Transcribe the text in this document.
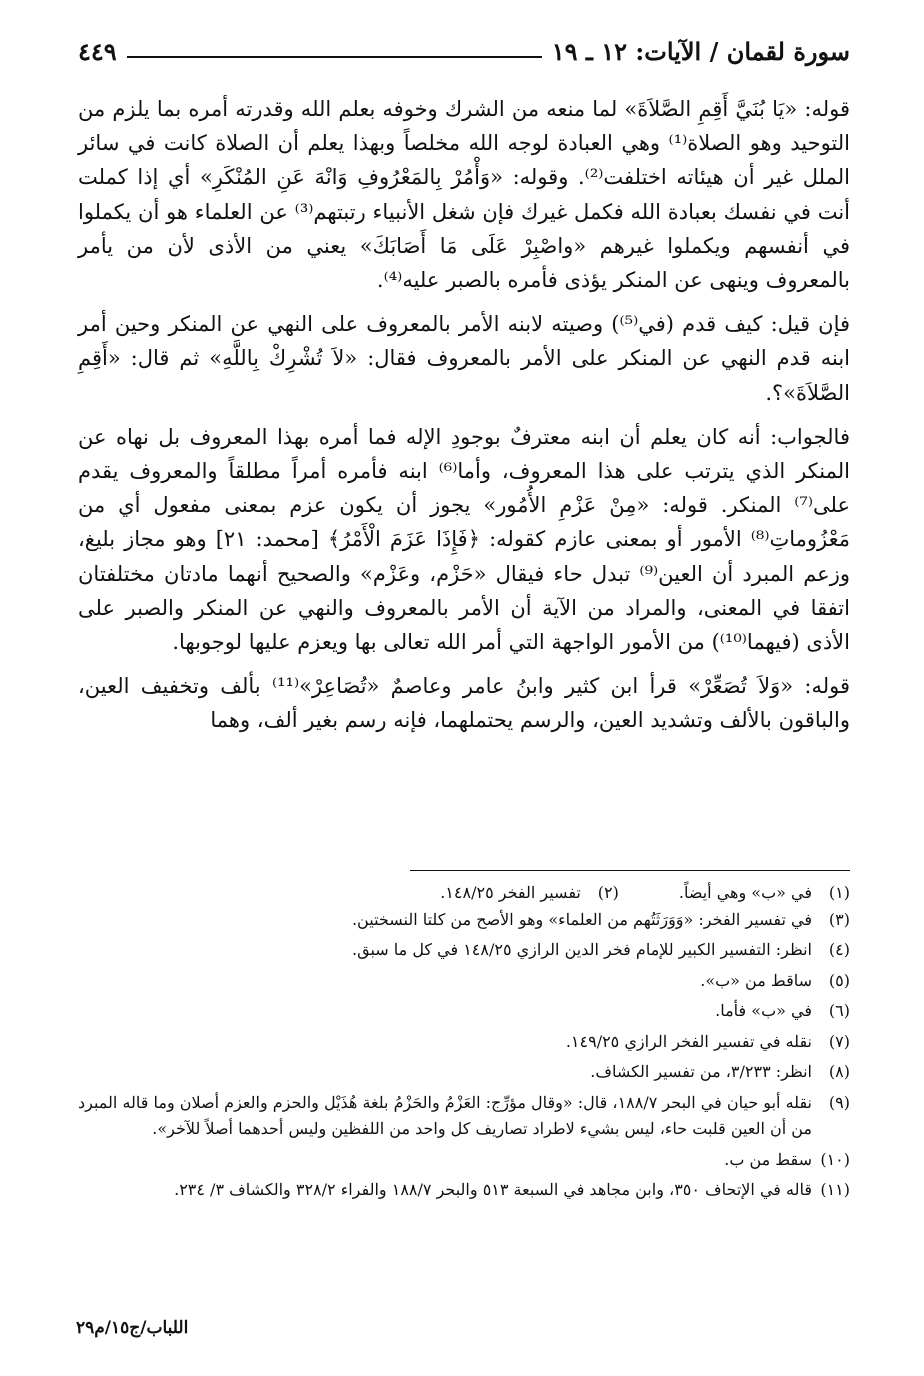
سورة لقمان / الآيات: ١٢ ـ ١٩
٤٤٩

قوله: «يَا بُنَيَّ أَقِمِ الصَّلاَةَ» لما منعه من الشرك وخوفه بعلم الله وقدرته أمره بما يلزم من التوحيد وهو الصلاة⁽¹⁾ وهي العبادة لوجه الله مخلصاً وبهذا يعلم أن الصلاة كانت في سائر الملل غير أن هيئاته اختلفت⁽²⁾. وقوله: «وَأْمُرْ بِالمَعْرُوفِ وَانْهَ عَنِ المُنْكَرِ» أي إذا كملت أنت في نفسك بعبادة الله فكمل غيرك فإن شغل الأنبياء رتبتهم⁽³⁾ عن العلماء هو أن يكملوا في أنفسهم ويكملوا غيرهم «واصْبِرْ عَلَى مَا أَصَابَكَ» يعني من الأذى لأن من يأمر بالمعروف وينهى عن المنكر يؤذى فأمره بالصبر عليه⁽⁴⁾.

فإن قيل: كيف قدم (في⁽⁵⁾) وصيته لابنه الأمر بالمعروف على النهي عن المنكر وحين أمر ابنه قدم النهي عن المنكر على الأمر بالمعروف فقال: «لاَ تُشْرِكْ بِاللَّهِ» ثم قال: «أَقِمِ الصَّلاَةَ»؟.

فالجواب: أنه كان يعلم أن ابنه معترفٌ بوجودِ الإله فما أمره بهذا المعروف بل نهاه عن المنكر الذي يترتب على هذا المعروف، وأما⁽⁶⁾ ابنه فأمره أمراً مطلقاً والمعروف يقدم على⁽⁷⁾ المنكر. قوله: «مِنْ عَزْمِ الأُمُور» يجوز أن يكون عزم بمعنى مفعول أي من مَعْزُوماتِ⁽⁸⁾ الأمور أو بمعنى عازم كقوله: ﴿فَإِذَا عَزَمَ الْأَمْرُ﴾ [محمد: ٢١] وهو مجاز بليغ، وزعم المبرد أن العين⁽⁹⁾ تبدل حاء فيقال «حَزْم، وعَزْم» والصحيح أنهما مادتان مختلفتان اتفقا في المعنى، والمراد من الآية أن الأمر بالمعروف والنهي عن المنكر والصبر على الأذى (فيهما⁽¹⁰⁾) من الأمور الواجهة التي أمر الله تعالى بها ويعزم عليها لوجوبها.

قوله: «وَلاَ تُصَعِّرْ» قرأ ابن كثير وابنُ عامر وعاصمٌ «تُصَاعِرْ»⁽¹¹⁾ بألف وتخفيف العين، والباقون بالألف وتشديد العين، والرسم يحتملهما، فإنه رسم بغير ألف، وهما

(١)
في «ب» وهي أيضاً.
(٢)
تفسير الفخر ١٤٨/٢٥.
(٣)
في تفسير الفخر: «وَوَرَثَتُهم من العلماء» وهو الأصح من كلتا النسختين.
(٤)
انظر: التفسير الكبير للإمام فخر الدين الرازي ١٤٨/٢٥ في كل ما سبق.
(٥)
ساقط من «ب».
(٦)
في «ب» فأما.
(٧)
نقله في تفسير الفخر الرازي ١٤٩/٢٥.
(٨)
انظر: ٣/٢٣٣، من تفسير الكشاف.
(٩)
نقله أبو حيان في البحر ١٨٨/٧، قال: «وقال مؤرِّج: العَزْمُ والحَزْمُ بلغة هُذَيْل والحزم والعزم أصلان وما قاله المبرد من أن العين قلبت حاء، ليس بشيء لاطراد تصاريف كل واحد من اللفظين وليس أحدهما أصلاً للآخر».
(١٠)
سقط من ب.
(١١)
قاله في الإتحاف ٣٥٠، وابن مجاهد في السبعة ٥١٣ والبحر ١٨٨/٧ والفراء ٣٢٨/٢ والكشاف ٣/ ٢٣٤.
اللباب/ج١٥/م٢٩
